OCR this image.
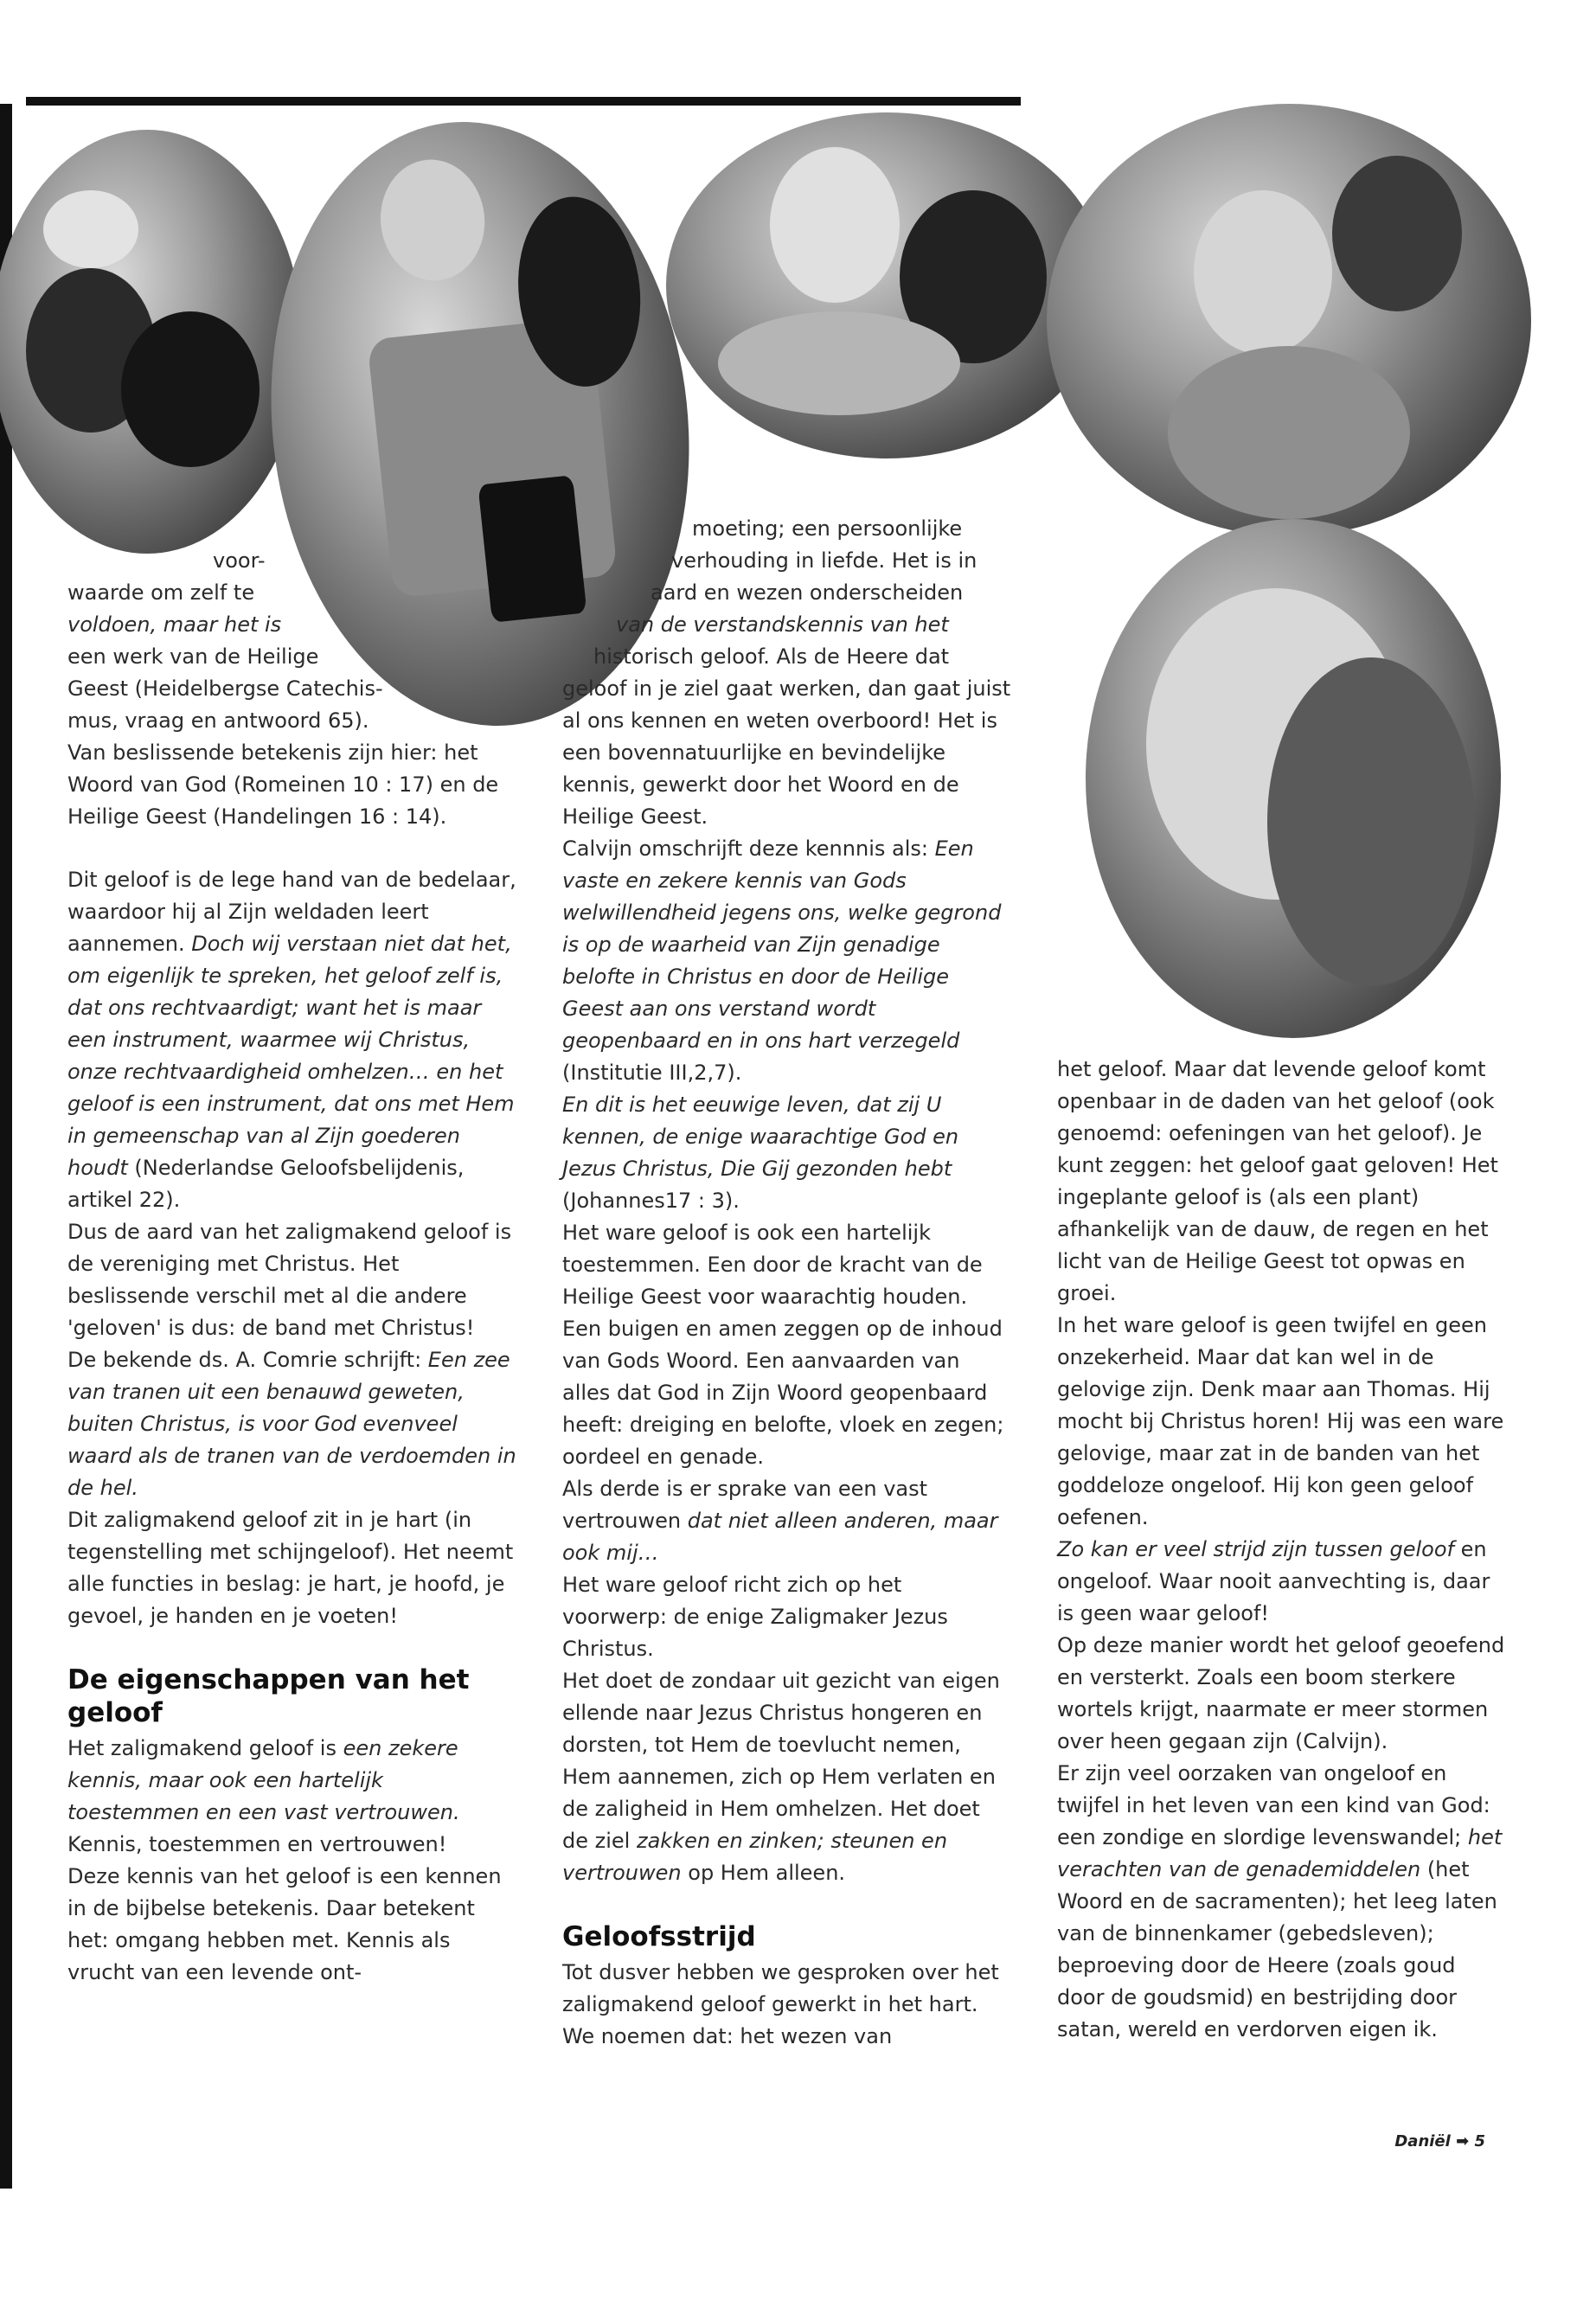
voor-
waarde om zelf te
voldoen, maar het is
een werk van de Heilige
Geest (Heidelbergse Catechis-
mus, vraag en antwoord 65).

Van beslissende betekenis zijn hier: het Woord van God (Romeinen 10 : 17) en de Heilige Geest (Handelingen 16 : 14).

Dit geloof is de lege hand van de bedelaar, waardoor hij al Zijn weldaden leert aannemen. Doch wij verstaan niet dat het, om eigenlijk te spreken, het geloof zelf is, dat ons rechtvaardigt; want het is maar een instrument, waarmee wij Christus, onze rechtvaardigheid omhelzen… en het geloof is een instrument, dat ons met Hem in gemeenschap van al Zijn goederen houdt (Nederlandse Geloofsbelijdenis, artikel 22).

Dus de aard van het zaligmakend geloof is de vereniging met Christus. Het beslissende verschil met al die andere 'geloven' is dus: de band met Christus!

De bekende ds. A. Comrie schrijft: Een zee van tranen uit een benauwd geweten, buiten Christus, is voor God evenveel waard als de tranen van de verdoemden in de hel.

Dit zaligmakend geloof zit in je hart (in tegenstelling met schijngeloof). Het neemt alle functies in beslag: je hart, je hoofd, je gevoel, je handen en je voeten!

De eigenschappen van het geloof

Het zaligmakend geloof is een zekere kennis, maar ook een hartelijk toestemmen en een vast vertrouwen.

Kennis, toestemmen en vertrouwen!

Deze kennis van het geloof is een kennen in de bijbelse betekenis. Daar betekent het: omgang hebben met. Kennis als vrucht van een levende ont-

moeting; een persoonlijke
verhouding in liefde. Het is in
aard en wezen onderscheiden
van de verstandskennis van het
historisch geloof. Als de Heere dat

geloof in je ziel gaat werken, dan gaat juist al ons kennen en weten overboord! Het is een bovennatuurlijke en bevindelijke kennis, gewerkt door het Woord en de Heilige Geest.

Calvijn omschrijft deze kennnis als: Een vaste en zekere kennis van Gods welwillendheid jegens ons, welke gegrond is op de waarheid van Zijn genadige belofte in Christus en door de Heilige Geest aan ons verstand wordt geopenbaard en in ons hart verzegeld (Institutie III,2,7).

En dit is het eeuwige leven, dat zij U kennen, de enige waarachtige God en Jezus Christus, Die Gij gezonden hebt (Johannes17 : 3).

Het ware geloof is ook een hartelijk toestemmen. Een door de kracht van de Heilige Geest voor waarachtig houden. Een buigen en amen zeggen op de inhoud van Gods Woord. Een aanvaarden van alles dat God in Zijn Woord geopenbaard heeft: dreiging en belofte, vloek en zegen; oordeel en genade.

Als derde is er sprake van een vast vertrouwen dat niet alleen anderen, maar ook mij…

Het ware geloof richt zich op het voorwerp: de enige Zaligmaker Jezus Christus.

Het doet de zondaar uit gezicht van eigen ellende naar Jezus Christus hongeren en dorsten, tot Hem de toevlucht nemen, Hem aannemen, zich op Hem verlaten en de zaligheid in Hem omhelzen. Het doet de ziel zakken en zinken; steunen en vertrouwen op Hem alleen.

Geloofsstrijd

Tot dusver hebben we gesproken over het zaligmakend geloof gewerkt in het hart. We noemen dat: het wezen van

het geloof. Maar dat levende geloof komt openbaar in de daden van het geloof (ook genoemd: oefeningen van het geloof). Je kunt zeggen: het geloof gaat geloven! Het ingeplante geloof is (als een plant) afhankelijk van de dauw, de regen en het licht van de Heilige Geest tot opwas en groei.

In het ware geloof is geen twijfel en geen onzekerheid. Maar dat kan wel in de gelovige zijn. Denk maar aan Thomas. Hij mocht bij Christus horen! Hij was een ware gelovige, maar zat in de banden van het goddeloze ongeloof. Hij kon geen geloof oefenen.

Zo kan er veel strijd zijn tussen geloof en ongeloof. Waar nooit aanvechting is, daar is geen waar geloof!

Op deze manier wordt het geloof geoefend en versterkt. Zoals een boom sterkere wortels krijgt, naarmate er meer stormen over heen gegaan zijn (Calvijn).

Er zijn veel oorzaken van ongeloof en twijfel in het leven van een kind van God: een zondige en slordige levenswandel; het verachten van de genademiddelen (het Woord en de sacramenten); het leeg laten van de binnenkamer (gebedsleven); beproeving door de Heere (zoals goud door de goudsmid) en bestrijding door satan, wereld en verdorven eigen ik.

Daniël ➡ 5
